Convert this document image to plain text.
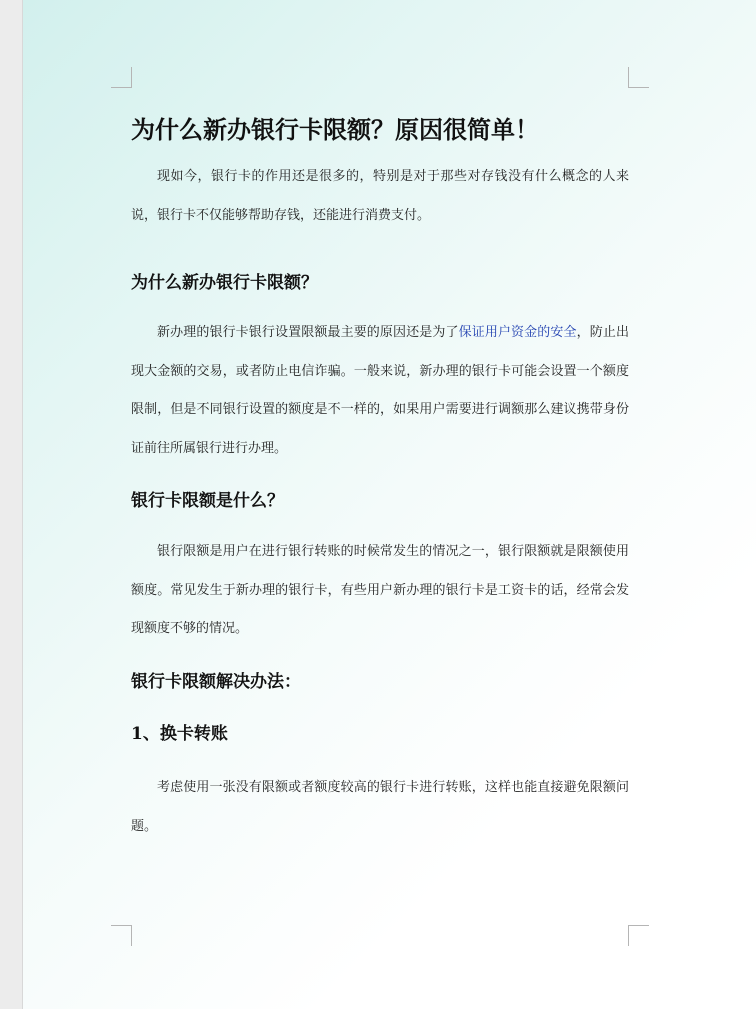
为什么新办银行卡限额？原因很简单！

现如今，银行卡的作用还是很多的，特别是对于那些对存钱没有什么概念的人来说，银行卡不仅能够帮助存钱，还能进行消费支付。

为什么新办银行卡限额？

新办理的银行卡银行设置限额最主要的原因还是为了保证用户资金的安全，防止出现大金额的交易，或者防止电信诈骗。一般来说，新办理的银行卡可能会设置一个额度限制，但是不同银行设置的额度是不一样的，如果用户需要进行调额那么建议携带身份证前往所属银行进行办理。

银行卡限额是什么？

银行限额是用户在进行银行转账的时候常发生的情况之一，银行限额就是限额使用额度。常见发生于新办理的银行卡，有些用户新办理的银行卡是工资卡的话，经常会发现额度不够的情况。

银行卡限额解决办法：
1、换卡转账

考虑使用一张没有限额或者额度较高的银行卡进行转账，这样也能直接避免限额问题。
